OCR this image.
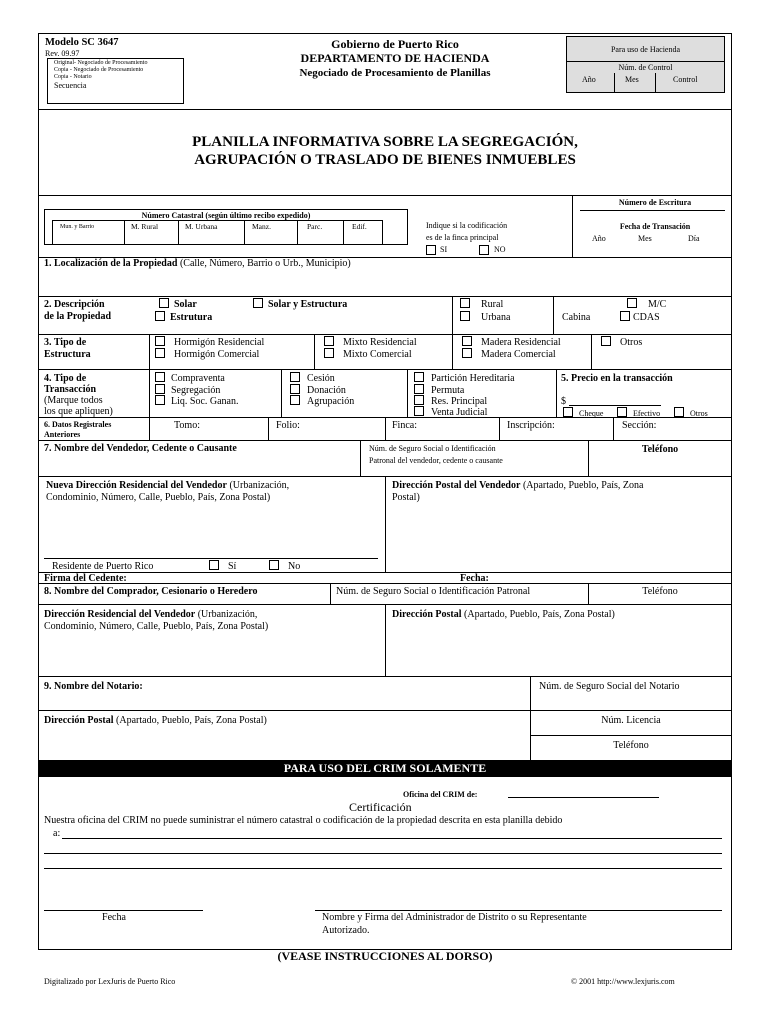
Modelo SC 3647
Rev. 09.97
Original- Negociado de Procesamiento
Copia - Negociado de Procesamiento
Copia - Notario
Secuencia
Gobierno de Puerto Rico
DEPARTAMENTO DE HACIENDA
Negociado de Procesamiento de Planillas
Para uso de Hacienda
Núm. de Control
Año	Mes	Control
PLANILLA INFORMATIVA SOBRE LA SEGREGACIÓN,
AGRUPACIÓN O TRASLADO DE BIENES INMUEBLES
Número de Escritura
Fecha de Transación
Año	Mes	Día
Número Catastral (según último recibo expedido)
Mun. y Barrio	M. Rural	M. Urbana	Manz.	Parc.	Edif.	Indique si la codificación
es de la finca principal
SI	NO
1. Localización de la Propiedad (Calle, Número, Barrio o Urb., Municipio)
2. Descripción
de la Propiedad
Solar	Solar y Estructura
Estrutura
Rural
Urbana	Cabina
M/C
CDAS
3. Tipo de
Estructura
Hormigón Residencial
Hormigón Comercial
Mixto Residencial
Mixto Comercial
Madera Residencial
Madera Comercial
Otros
4. Tipo de
Transacción
(Marque todos
los que apliquen)
Compraventa
Segregación
Liq. Soc. Ganan.
Cesión
Donación
Agrupación
Partición Hereditaria
Permuta
Res. Principal
Venta Judicial
5. Precio en la transacción
$
Cheque	Efectivo	Otros
6. Datos Registrales
Anteriores
Tomo:	Folio:	Finca:	Inscripción:	Sección:
7. Nombre del Vendedor, Cedente o Causante	Núm. de Seguro Social o Identificación
Patronal del vendedor, cedente o causante
Teléfono
Nueva Dirección Residencial del Vendedor (Urbanización,
Condominio, Número, Calle, Pueblo, País, Zona Postal)
Dirección Postal del Vendedor (Apartado, Pueblo, País, Zona
Postal)
Residente de Puerto Rico	Sí	No
Firma del Cedente:	Fecha:
8. Nombre del Comprador, Cesionario o Heredero	Núm. de Seguro Social o Identificación Patronal	Teléfono
Dirección Residencial del Vendedor (Urbanización,
Condominio, Número, Calle, Pueblo, País, Zona Postal)
Dirección Postal (Apartado, Pueblo, País, Zona Postal)
9. Nombre del Notario:	Núm. de Seguro Social del Notario
Dirección Postal (Apartado, Pueblo, País, Zona Postal)	Núm. Licencia
Teléfono
PARA USO DEL CRIM SOLAMENTE
Oficina del CRIM de:
Certificación
Nuestra oficina del CRIM no puede suministrar el número catastral o codificación de la propiedad descrita en esta planilla debido
a:
Fecha	Nombre y Firma del Administrador de Distrito o su Representante
Autorizado.
(VEASE INSTRUCCIONES AL DORSO)
Digitalizado por LexJuris de Puerto Rico	© 2001 http://www.lexjuris.com
